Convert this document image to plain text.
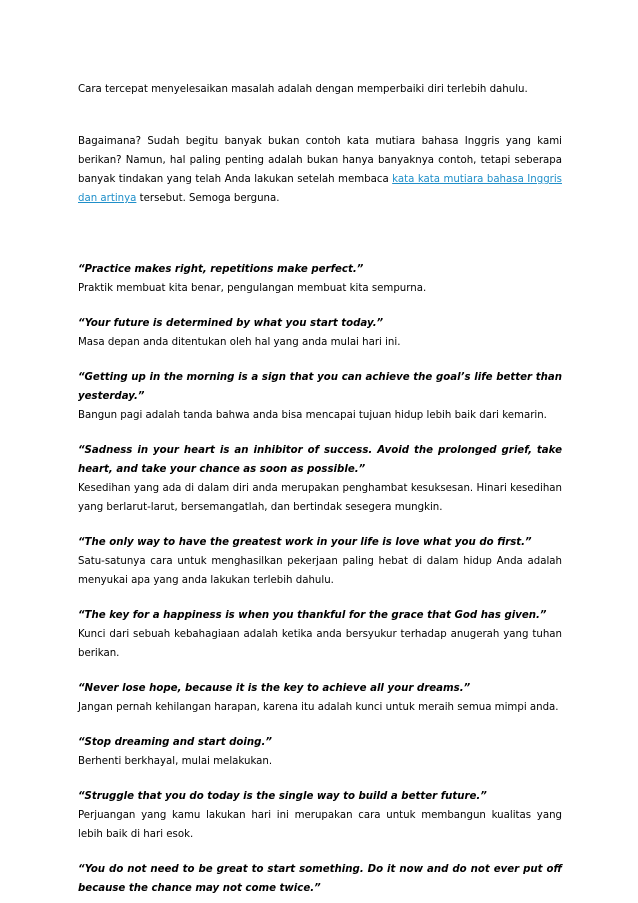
Cara tercepat menyelesaikan masalah adalah dengan memperbaiki diri terlebih dahulu.

Bagaimana? Sudah begitu banyak bukan contoh kata mutiara bahasa Inggris yang kami berikan? Namun, hal paling penting adalah bukan hanya banyaknya contoh, tetapi seberapa banyak tindakan yang telah Anda lakukan setelah membaca kata kata mutiara bahasa Inggris dan artinya tersebut. Semoga berguna.

“Practice makes right, repetitions make perfect.”

Praktik membuat kita benar, pengulangan membuat kita sempurna.

“Your future is determined by what you start today.”

Masa depan anda ditentukan oleh hal yang anda mulai hari ini.

“Getting up in the morning is a sign that you can achieve the goal’s life better than yesterday.”

Bangun pagi adalah tanda bahwa anda bisa mencapai tujuan hidup lebih baik dari kemarin.

“Sadness in your heart is an inhibitor of success. Avoid the prolonged grief, take heart, and take your chance as soon as possible.”

Kesedihan yang ada di dalam diri anda merupakan penghambat kesuksesan. Hinari kesedihan yang berlarut-larut, bersemangatlah, dan bertindak sesegera mungkin.

“The only way to have the greatest work in your life is love what you do first.”

Satu-satunya cara untuk menghasilkan pekerjaan paling hebat di dalam hidup Anda adalah menyukai apa yang anda lakukan terlebih dahulu.

“The key for a happiness is when you thankful for the grace that God has given.”

Kunci dari sebuah kebahagiaan adalah ketika anda bersyukur terhadap anugerah yang tuhan berikan.

“Never lose hope, because it is the key to achieve all your dreams.”

Jangan pernah kehilangan harapan, karena itu adalah kunci untuk meraih semua mimpi anda.

“Stop dreaming and start doing.”

Berhenti berkhayal, mulai melakukan.

“Struggle that you do today is the single way to build a better future.”

Perjuangan yang kamu lakukan hari ini merupakan cara untuk membangun kualitas yang lebih baik di hari esok.

“You do not need to be great to start something. Do it now and do not ever put off because the chance may not come twice.”
